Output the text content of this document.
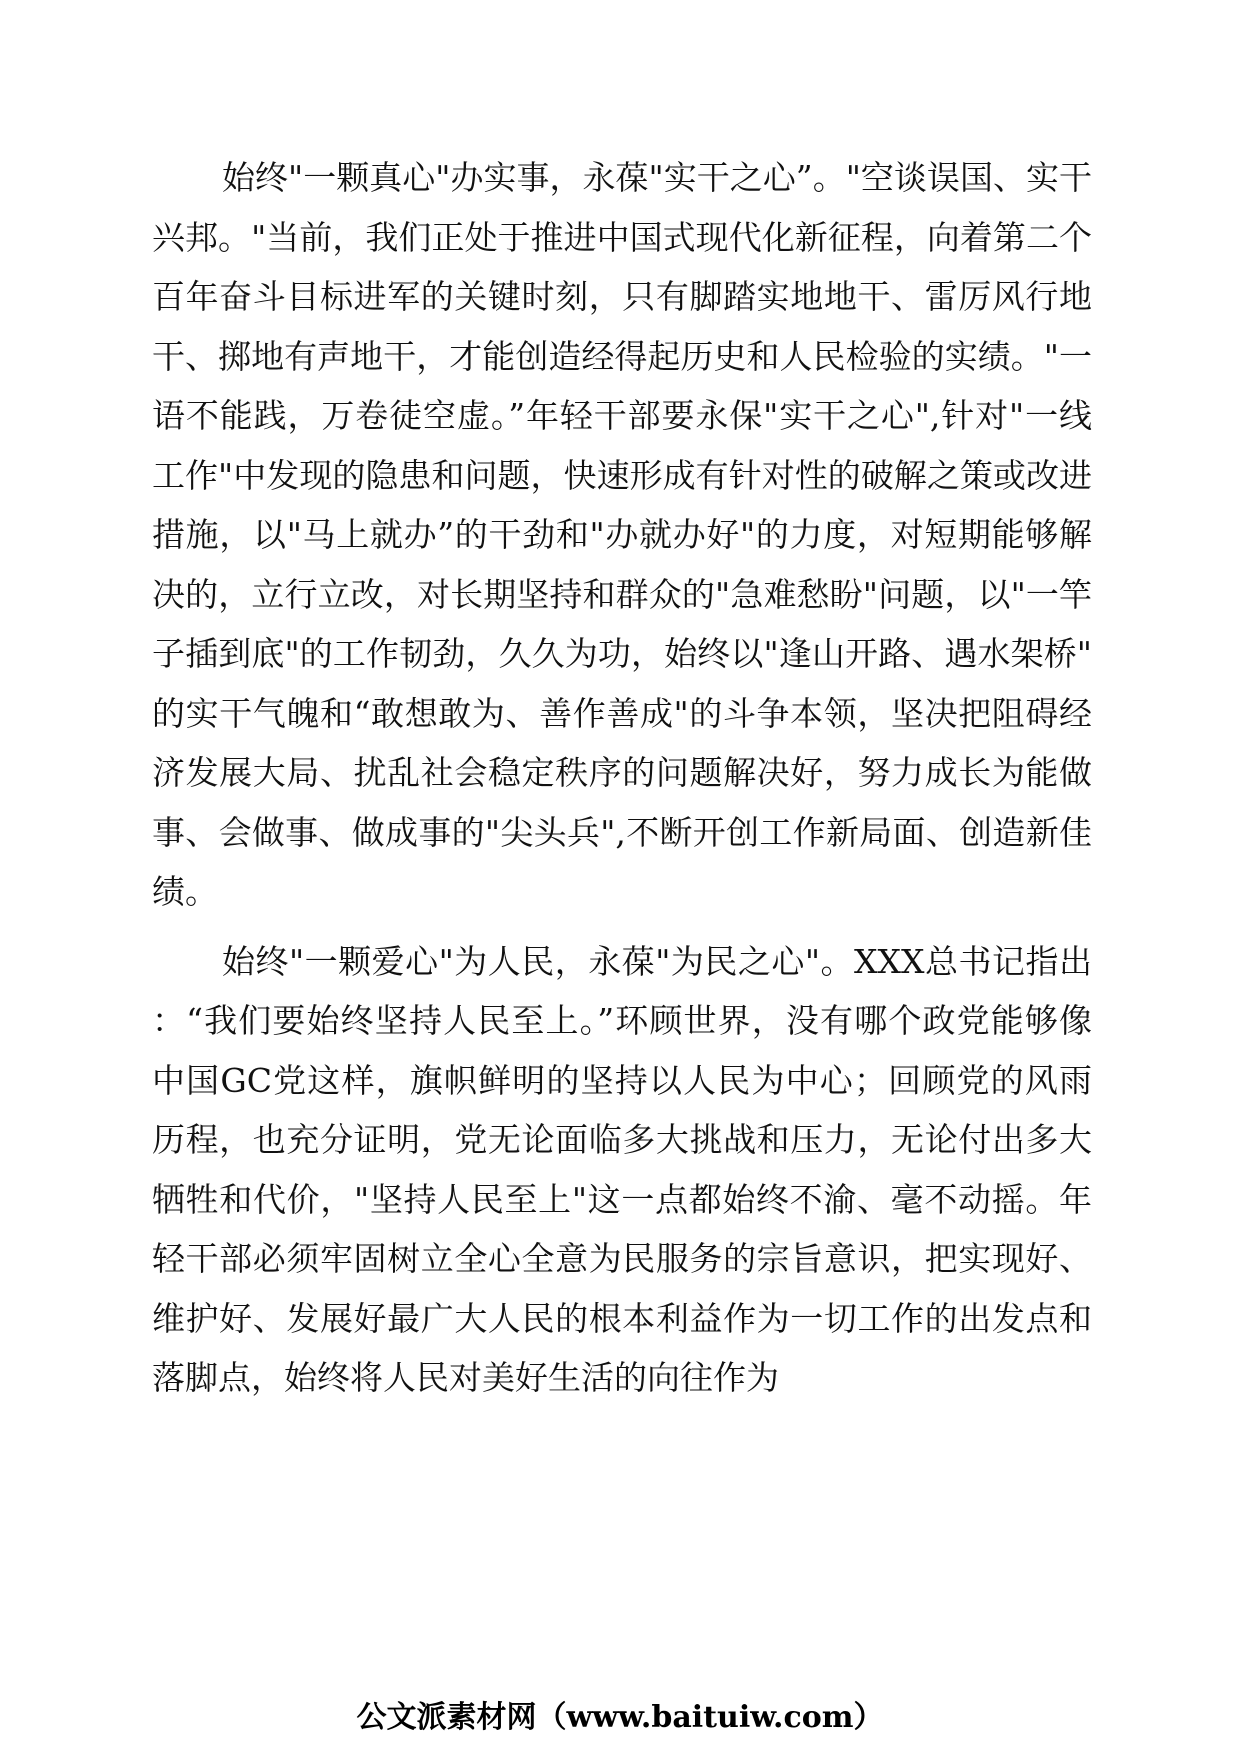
始终"一颗真心"办实事，永葆"实干之心”。"空谈误国、实干兴邦。"当前，我们正处于推进中国式现代化新征程，向着第二个百年奋斗目标进军的关键时刻，只有脚踏实地地干、雷厉风行地干、掷地有声地干，才能创造经得起历史和人民检验的实绩。"一语不能践，万卷徒空虚。”年轻干部要永保"实干之心",针对"一线工作"中发现的隐患和问题，快速形成有针对性的破解之策或改进措施，以"马上就办”的干劲和"办就办好"的力度，对短期能够解决的，立行立改，对长期坚持和群众的"急难愁盼"问题，以"一竿子插到底"的工作韧劲，久久为功，始终以"逢山开路、遇水架桥"的实干气魄和“敢想敢为、善作善成"的斗争本领，坚决把阻碍经济发展大局、扰乱社会稳定秩序的问题解决好，努力成长为能做事、会做事、做成事的"尖头兵",不断开创工作新局面、创造新佳绩。

始终"一颗爱心"为人民，永葆"为民之心"。XXX总书记指出：“我们要始终坚持人民至上。”环顾世界，没有哪个政党能够像中国GC党这样，旗帜鲜明的坚持以人民为中心；回顾党的风雨历程，也充分证明，党无论面临多大挑战和压力，无论付出多大牺牲和代价，"坚持人民至上"这一点都始终不渝、毫不动摇。年轻干部必须牢固树立全心全意为民服务的宗旨意识，把实现好、维护好、发展好最广大人民的根本利益作为一切工作的出发点和落脚点，始终将人民对美好生活的向往作为

公文派素材网（www.baituiw.com）
